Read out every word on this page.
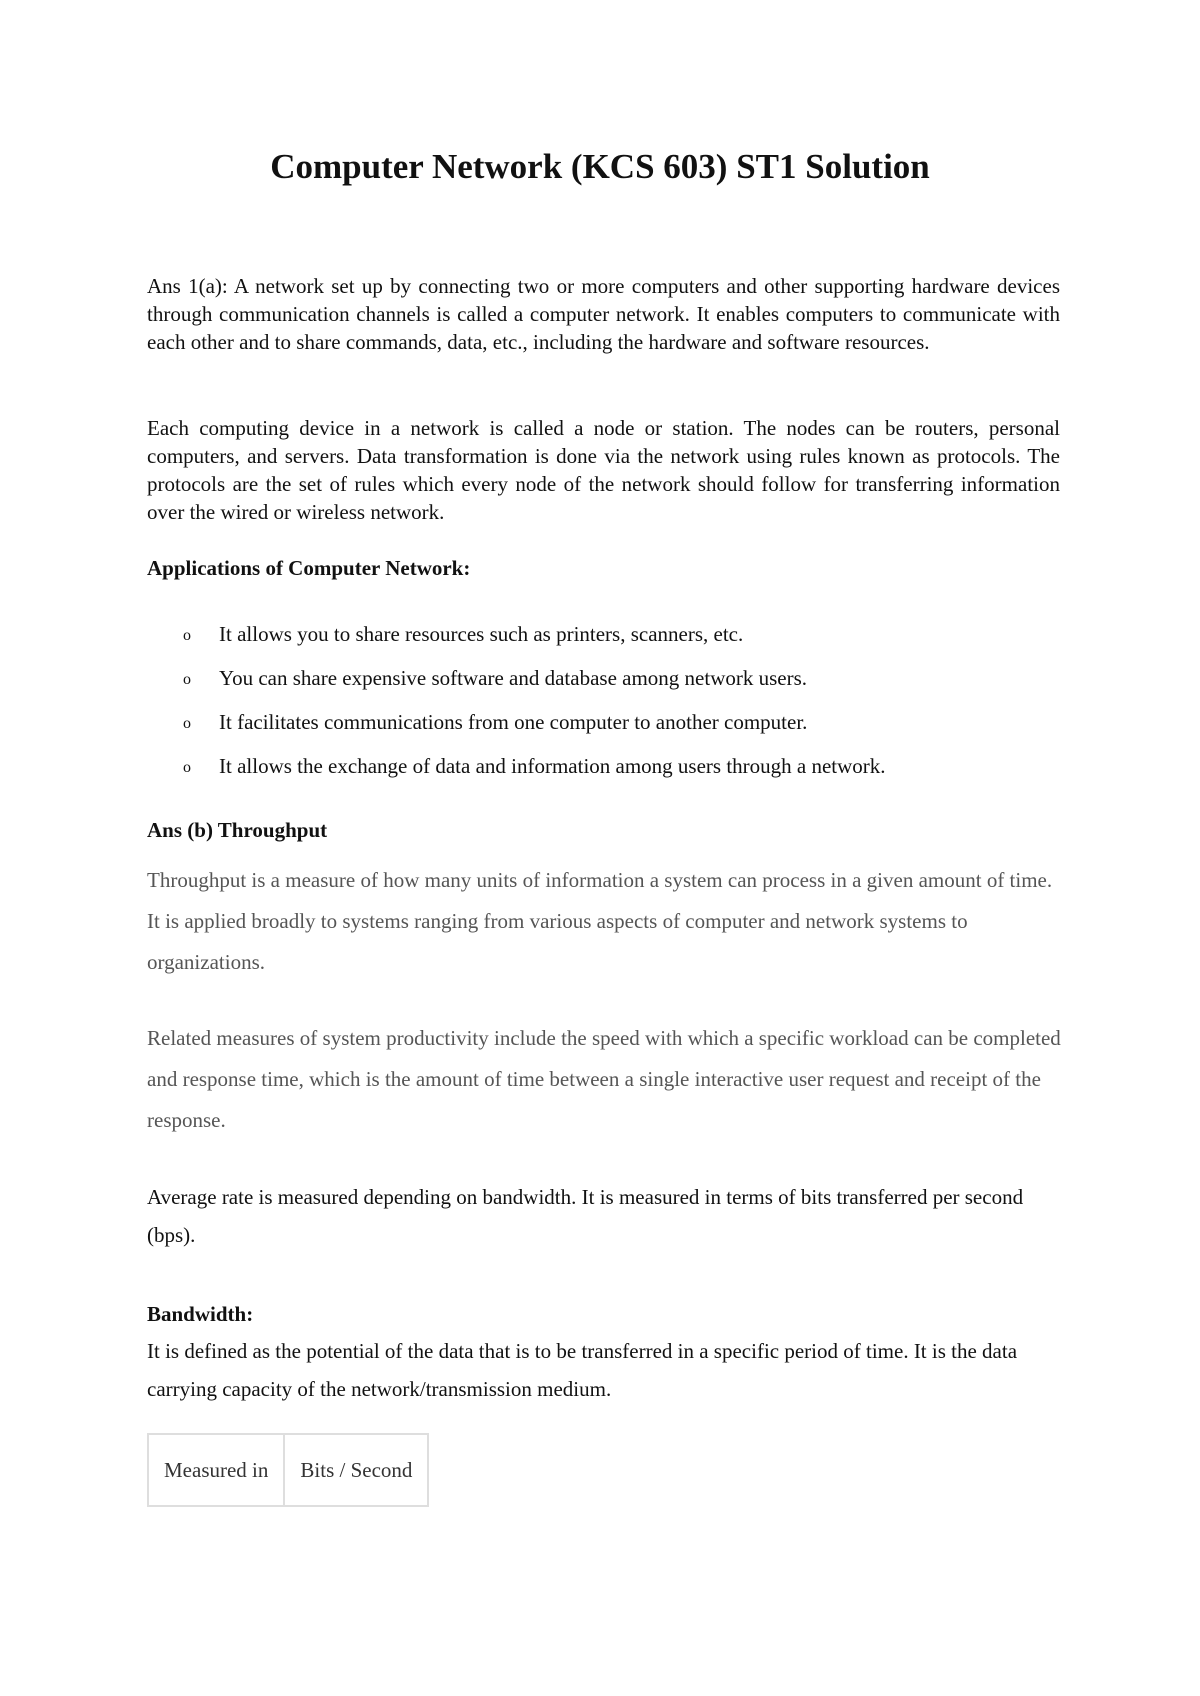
Computer Network (KCS 603) ST1 Solution

Ans 1(a): A network set up by connecting two or more computers and other supporting hardware devices through communication channels is called a computer network. It enables computers to communicate with each other and to share commands, data, etc., including the hardware and software resources.

Each computing device in a network is called a node or station. The nodes can be routers, personal computers, and servers. Data transformation is done via the network using rules known as protocols. The protocols are the set of rules which every node of the network should follow for transferring information over the wired or wireless network.

Applications of Computer Network:

o It allows you to share resources such as printers, scanners, etc.
o You can share expensive software and database among network users.
o It facilitates communications from one computer to another computer.
o It allows the exchange of data and information among users through a network.

Ans (b) Throughput

Throughput is a measure of how many units of information a system can process in a given amount of time. It is applied broadly to systems ranging from various aspects of computer and network systems to organizations.

Related measures of system productivity include the speed with which a specific workload can be completed and response time, which is the amount of time between a single interactive user request and receipt of the response.

Average rate is measured depending on bandwidth. It is measured in terms of bits transferred per second (bps).

Bandwidth:

It is defined as the potential of the data that is to be transferred in a specific period of time. It is the data carrying capacity of the network/transmission medium.

Measured in	Bits / Second
